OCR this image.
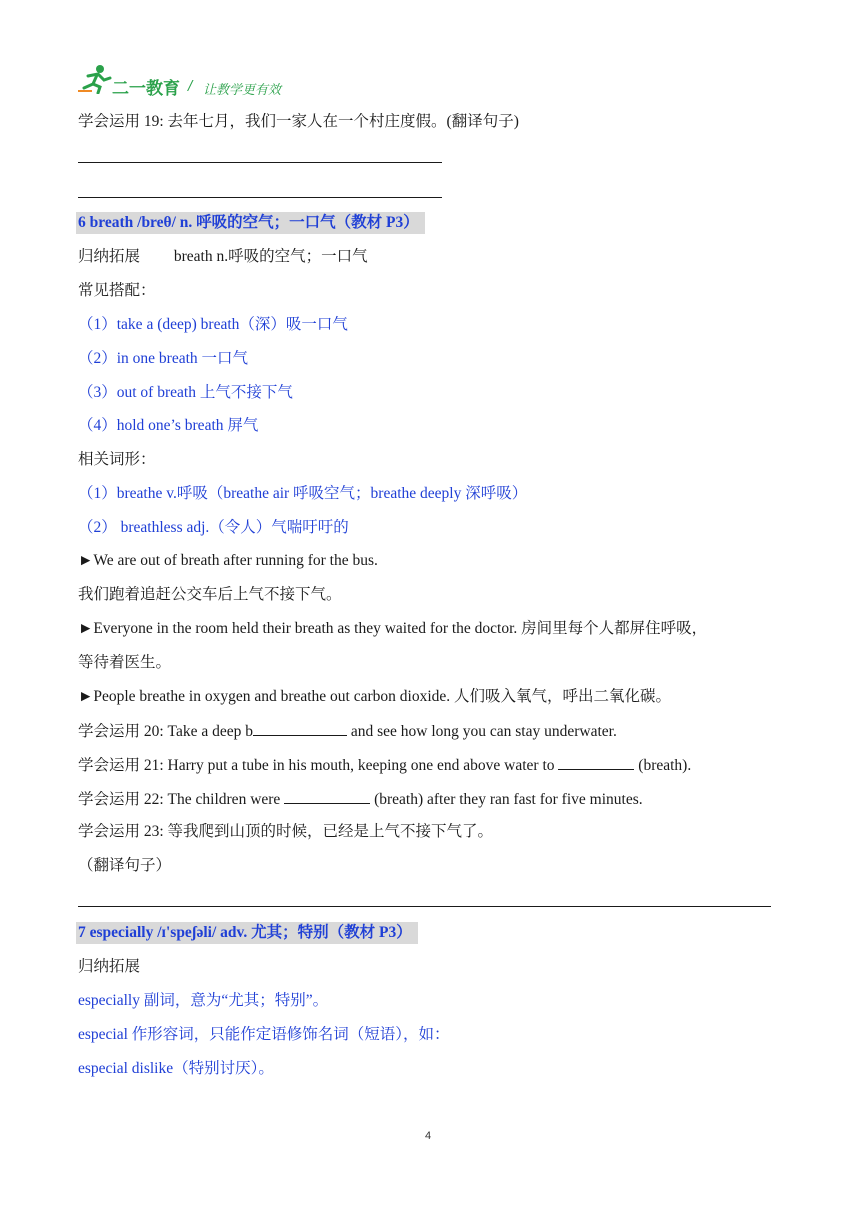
二一教育 / 让教学更有效
学会运用 19: 去年七月，我们一家人在一个村庄度假。(翻译句子)
6 breath /breθ/ n. 呼吸的空气；一口气（教材 P3）
归纳拓展 breath n.呼吸的空气；一口气
常见搭配：
（1）take a (deep) breath（深）吸一口气
（2）in one breath 一口气
（3）out of breath 上气不接下气
（4）hold one’s breath 屏气
相关词形：
（1）breathe v.呼吸（breathe air 呼吸空气；breathe deeply 深呼吸）
（2） breathless adj.（令人）气喘吁吁的
►We are out of breath after running for the bus.
我们跑着追赶公交车后上气不接下气。
►Everyone in the room held their breath as they waited for the doctor. 房间里每个人都屏住呼吸，
等待着医生。
►People breathe in oxygen and breathe out carbon dioxide. 人们吸入氧气，呼出二氧化碳。
学会运用 20: Take a deep b	and see how long you can stay underwater.
学会运用 21: Harry put a tube in his mouth, keeping one end above water to	(breath).
学会运用 22: The children were	(breath) after they ran fast for five minutes.
学会运用 23: 等我爬到山顶的时候，已经是上气不接下气了。
（翻译句子）
7 especially /ɪ'speʃəli/ adv. 尤其；特别（教材 P3）
归纳拓展
especially 副词，意为“尤其；特别”。
especial 作形容词，只能作定语修饰名词（短语），如：
especial dislike（特别讨厌）。
4
